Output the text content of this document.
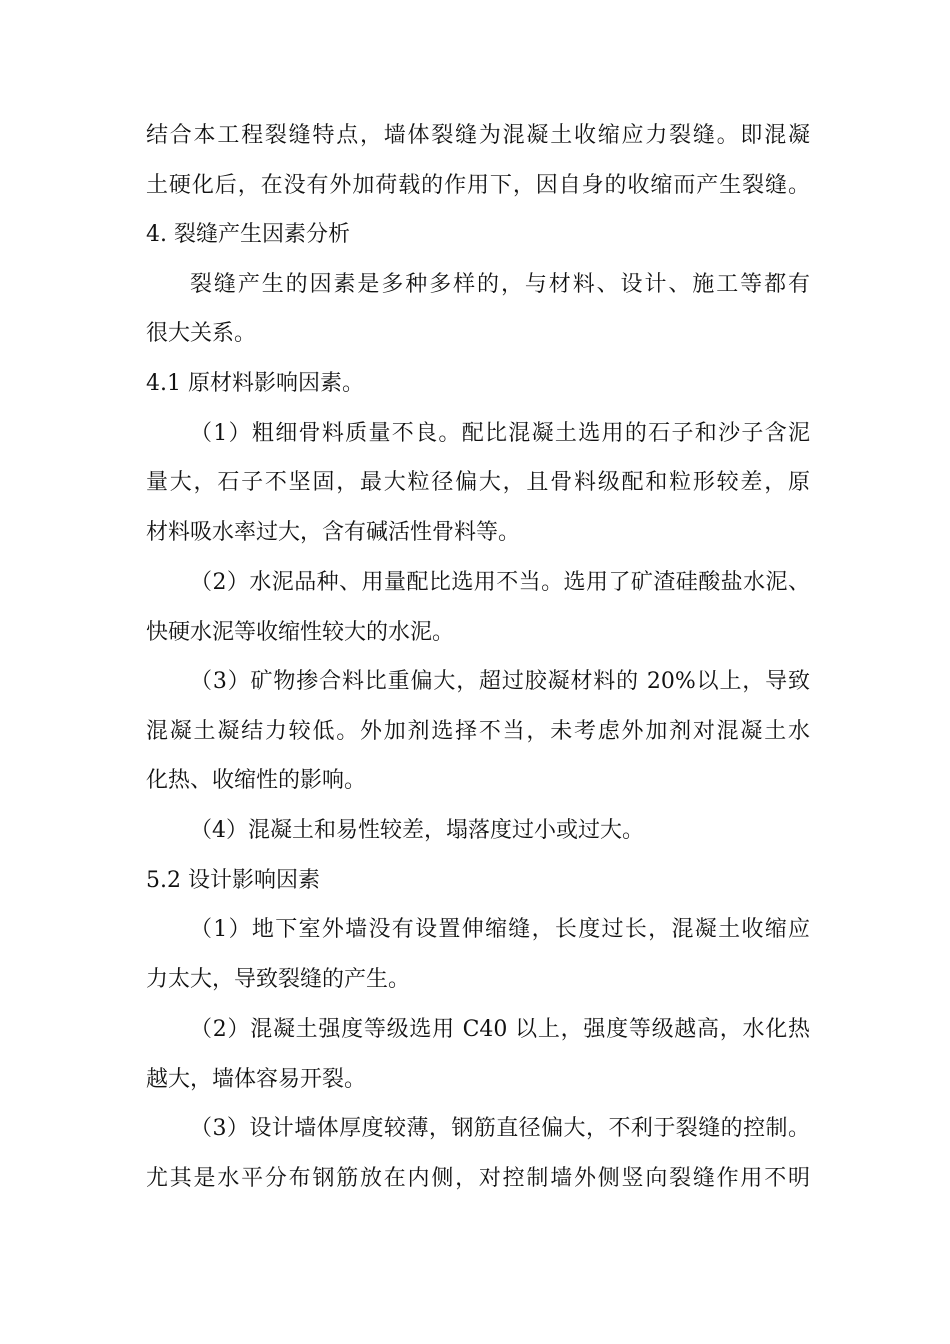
结合本工程裂缝特点，墙体裂缝为混凝土收缩应力裂缝。即混凝
土硬化后，在没有外加荷载的作用下，因自身的收缩而产生裂缝。
4. 裂缝产生因素分析
裂缝产生的因素是多种多样的，与材料、设计、施工等都有
很大关系。
4.1 原材料影响因素。
（1）粗细骨料质量不良。配比混凝土选用的石子和沙子含泥
量大，石子不坚固，最大粒径偏大，且骨料级配和粒形较差，原
材料吸水率过大，含有碱活性骨料等。
（2）水泥品种、用量配比选用不当。选用了矿渣硅酸盐水泥、
快硬水泥等收缩性较大的水泥。
（3）矿物掺合料比重偏大，超过胶凝材料的 20%以上，导致
混凝土凝结力较低。外加剂选择不当，未考虑外加剂对混凝土水
化热、收缩性的影响。
（4）混凝土和易性较差，塌落度过小或过大。
5.2 设计影响因素
（1）地下室外墙没有设置伸缩缝，长度过长，混凝土收缩应
力太大，导致裂缝的产生。
（2）混凝土强度等级选用 C40 以上，强度等级越高，水化热
越大，墙体容易开裂。
（3）设计墙体厚度较薄，钢筋直径偏大，不利于裂缝的控制。
尤其是水平分布钢筋放在内侧，对控制墙外侧竖向裂缝作用不明
